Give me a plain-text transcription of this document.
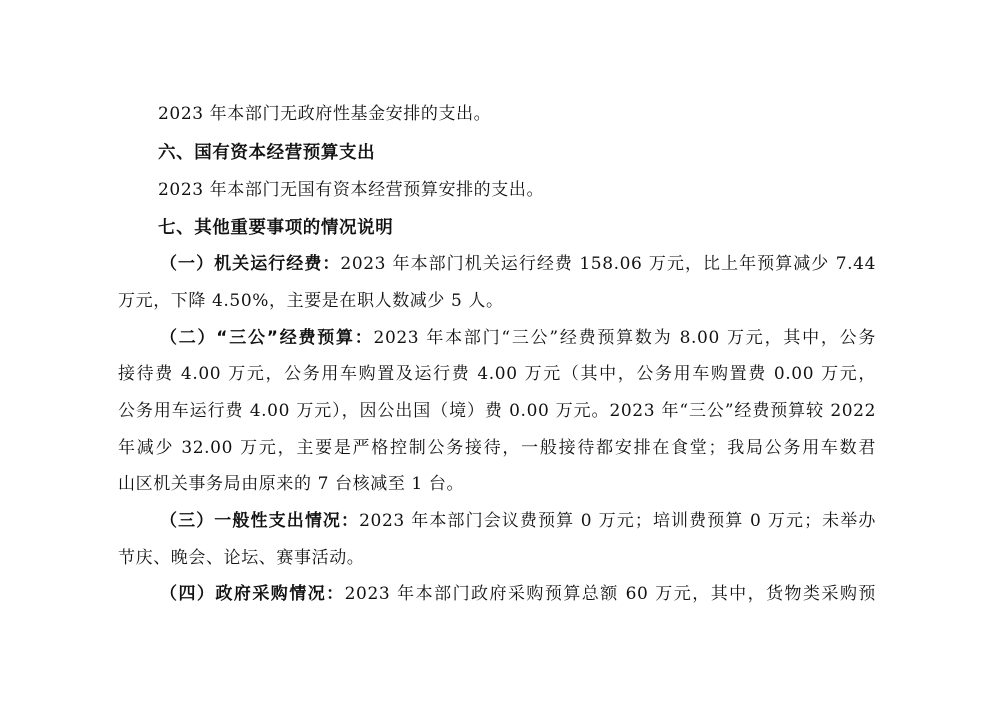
2023 年本部门无政府性基金安排的支出。
六、国有资本经营预算支出
2023 年本部门无国有资本经营预算安排的支出。
七、其他重要事项的情况说明
（一）机关运行经费：2023 年本部门机关运行经费 158.06 万元，比上年预算减少 7.44
万元，下降 4.50%，主要是在职人数减少 5 人。
（二）“三公”经费预算：2023 年本部门“三公”经费预算数为 8.00 万元，其中，公务
接待费 4.00 万元，公务用车购置及运行费 4.00 万元（其中，公务用车购置费 0.00 万元，
公务用车运行费 4.00 万元），因公出国（境）费 0.00 万元。2023 年“三公”经费预算较 2022
年减少 32.00 万元，主要是严格控制公务接待，一般接待都安排在食堂；我局公务用车数君
山区机关事务局由原来的 7 台核减至 1 台。
（三）一般性支出情况：2023 年本部门会议费预算 0 万元；培训费预算 0 万元；未举办
节庆、晚会、论坛、赛事活动。
（四）政府采购情况：2023 年本部门政府采购预算总额 60 万元，其中，货物类采购预
